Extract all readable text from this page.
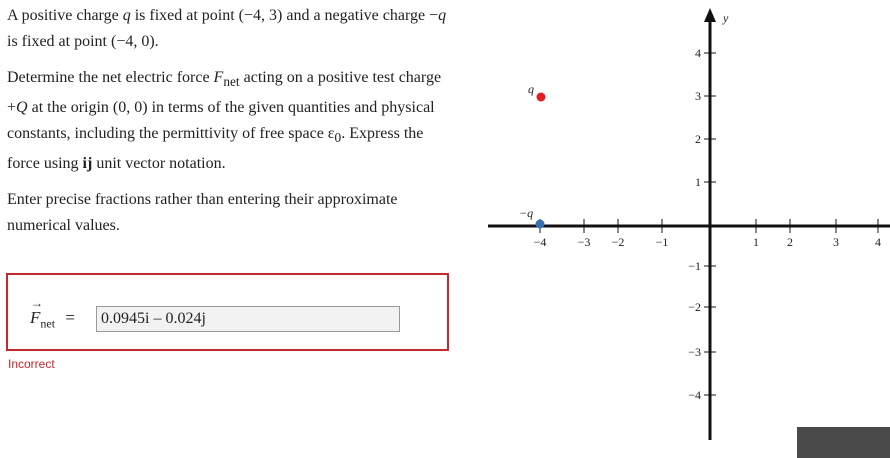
A positive charge q is fixed at point (−4, 3) and a negative charge −q is fixed at point (−4, 0).

Determine the net electric force $F_{net}$ acting on a positive test charge +Q at the origin (0, 0) in terms of the given quantities and physical constants, including the permittivity of free space $\varepsilon_0$. Express the force using ij unit vector notation.

Enter precise fractions rather than entering their approximate numerical values.

→
$F_{net}$ =
0.0945i – 0.024j
Incorrect
y
−4	−3 −2	−1	1 2	3	4
4
3
2
1
−1
−2
−3
−4
q
−q
